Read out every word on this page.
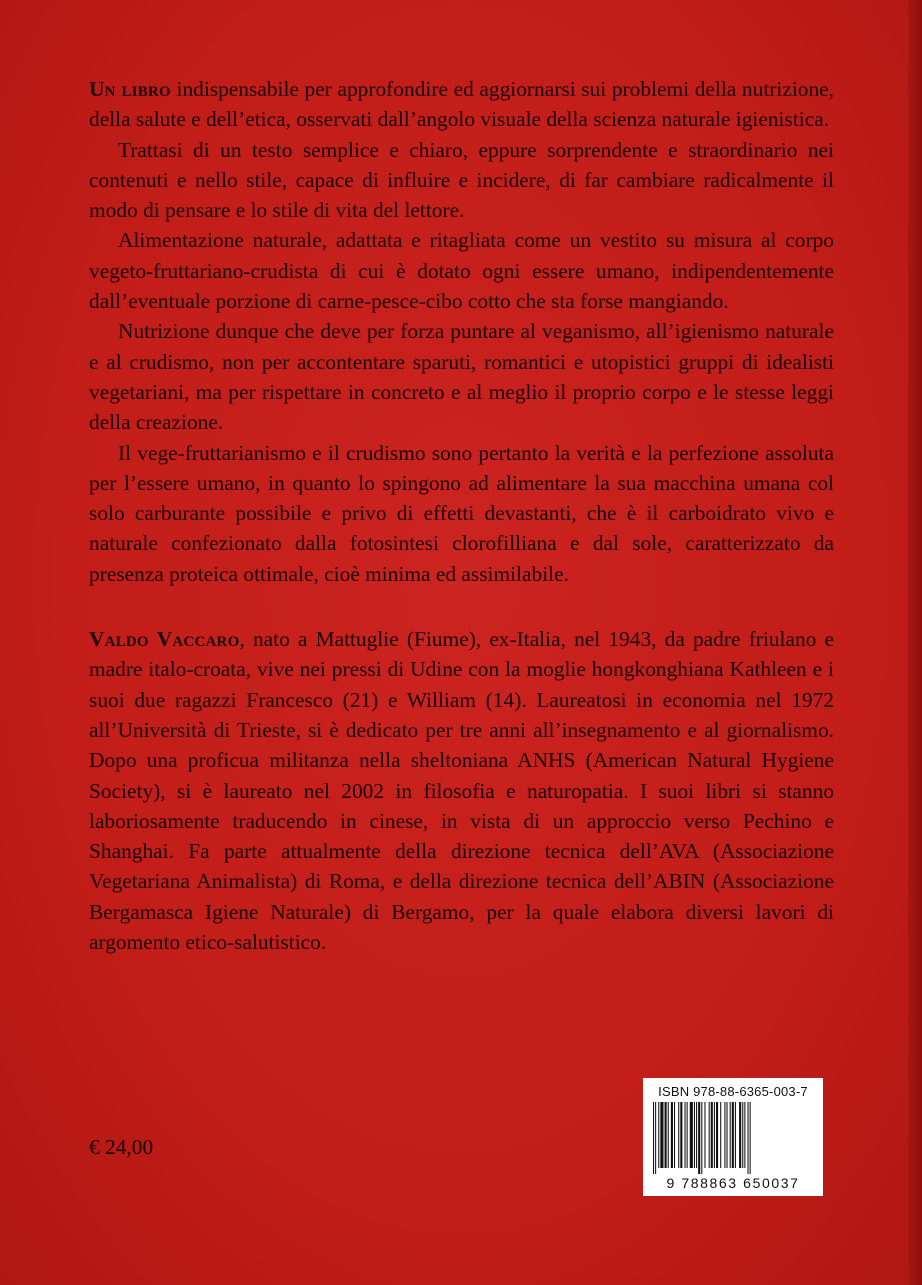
Un libro indispensabile per approfondire ed aggiornarsi sui problemi della nutrizione, della salute e dell’etica, osservati dall’angolo visuale della scienza naturale igienistica.

Trattasi di un testo semplice e chiaro, eppure sorprendente e straordinario nei contenuti e nello stile, capace di influire e incidere, di far cambiare radicalmente il modo di pensare e lo stile di vita del lettore.

Alimentazione naturale, adattata e ritagliata come un vestito su misura al corpo vegeto-fruttariano-crudista di cui è dotato ogni essere umano, indipendentemente dall’eventuale porzione di carne-pesce-cibo cotto che sta forse mangiando.

Nutrizione dunque che deve per forza puntare al veganismo, all’igienismo naturale e al crudismo, non per accontentare sparuti, romantici e utopistici gruppi di idealisti vegetariani, ma per rispettare in concreto e al meglio il proprio corpo e le stesse leggi della creazione.

Il vege-fruttarianismo e il crudismo sono pertanto la verità e la perfezione assoluta per l’essere umano, in quanto lo spingono ad alimentare la sua macchina umana col solo carburante possibile e privo di effetti devastanti, che è il carboidrato vivo e naturale confezionato dalla fotosintesi clorofilliana e dal sole, caratterizzato da presenza proteica ottimale, cioè minima ed assimilabile.

Valdo Vaccaro, nato a Mattuglie (Fiume), ex-Italia, nel 1943, da padre friulano e madre italo-croata, vive nei pressi di Udine con la moglie hongkonghiana Kathleen e i suoi due ragazzi Francesco (21) e William (14). Laureatosi in economia nel 1972 all’Università di Trieste, si è dedicato per tre anni all’insegnamento e al giornalismo. Dopo una proficua militanza nella sheltoniana ANHS (American Natural Hygiene Society), si è laureato nel 2002 in filosofia e naturopatia. I suoi libri si stanno laboriosamente traducendo in cinese, in vista di un approccio verso Pechino e Shanghai. Fa parte attualmente della direzione tecnica dell’AVA (Associazione Vegetariana Animalista) di Roma, e della direzione tecnica dell’ABIN (Associazione Bergamasca Igiene Naturale) di Bergamo, per la quale elabora diversi lavori di argomento etico-salutistico.

ISBN 978-88-6365-003-7
9 788863 650037
€ 24,00
